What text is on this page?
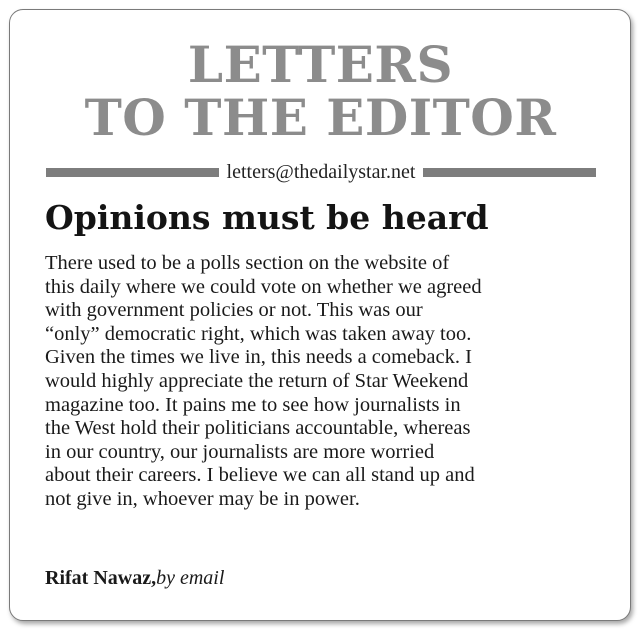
LETTERS
TO THE EDITOR
letters@thedailystar.net
Opinions must be heard
There used to be a polls section on the website of
this daily where we could vote on whether we agreed
with government policies or not. This was our
“only” democratic right, which was taken away too.
Given the times we live in, this needs a comeback. I
would highly appreciate the return of Star Weekend
magazine too. It pains me to see how journalists in
the West hold their politicians accountable, whereas
in our country, our journalists are more worried
about their careers. I believe we can all stand up and
not give in, whoever may be in power.
Rifat Nawaz,by email
